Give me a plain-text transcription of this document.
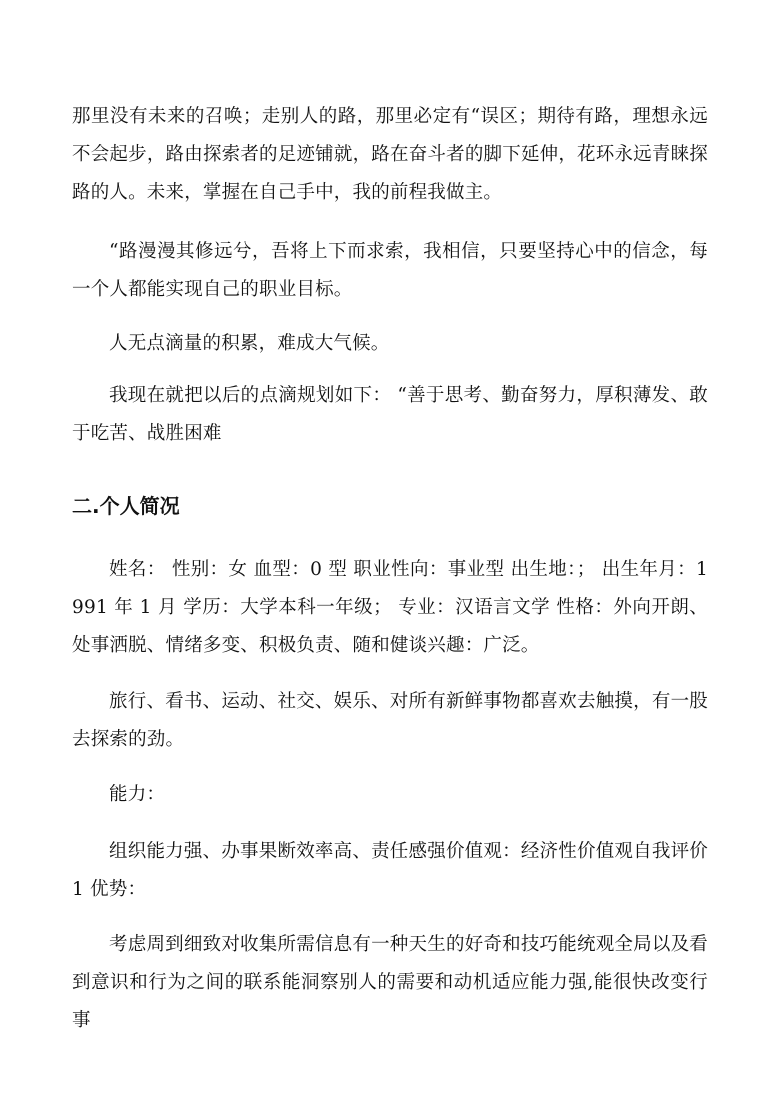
那里没有未来的召唤；走别人的路，那里必定有“误区；期待有路，理想永远不会起步，路由探索者的足迹铺就，路在奋斗者的脚下延伸，花环永远青睐探路的人。未来，掌握在自己手中，我的前程我做主。

“路漫漫其修远兮，吾将上下而求索，我相信，只要坚持心中的信念，每一个人都能实现自己的职业目标。

人无点滴量的积累，难成大气候。

我现在就把以后的点滴规划如下： “善于思考、勤奋努力，厚积薄发、敢于吃苦、战胜困难

二.个人简况

姓名： 性别：女 血型：0 型 职业性向：事业型 出生地：； 出生年月：1991 年 1 月 学历：大学本科一年级； 专业：汉语言文学 性格：外向开朗、处事洒脱、情绪多变、积极负责、随和健谈兴趣：广泛。

旅行、看书、运动、社交、娱乐、对所有新鲜事物都喜欢去触摸，有一股去探索的劲。

能力：

组织能力强、办事果断效率高、责任感强价值观：经济性价值观自我评价 1 优势：

考虑周到细致对收集所需信息有一种天生的好奇和技巧能统观全局以及看到意识和行为之间的联系能洞察别人的需要和动机适应能力强,能很快改变行事
